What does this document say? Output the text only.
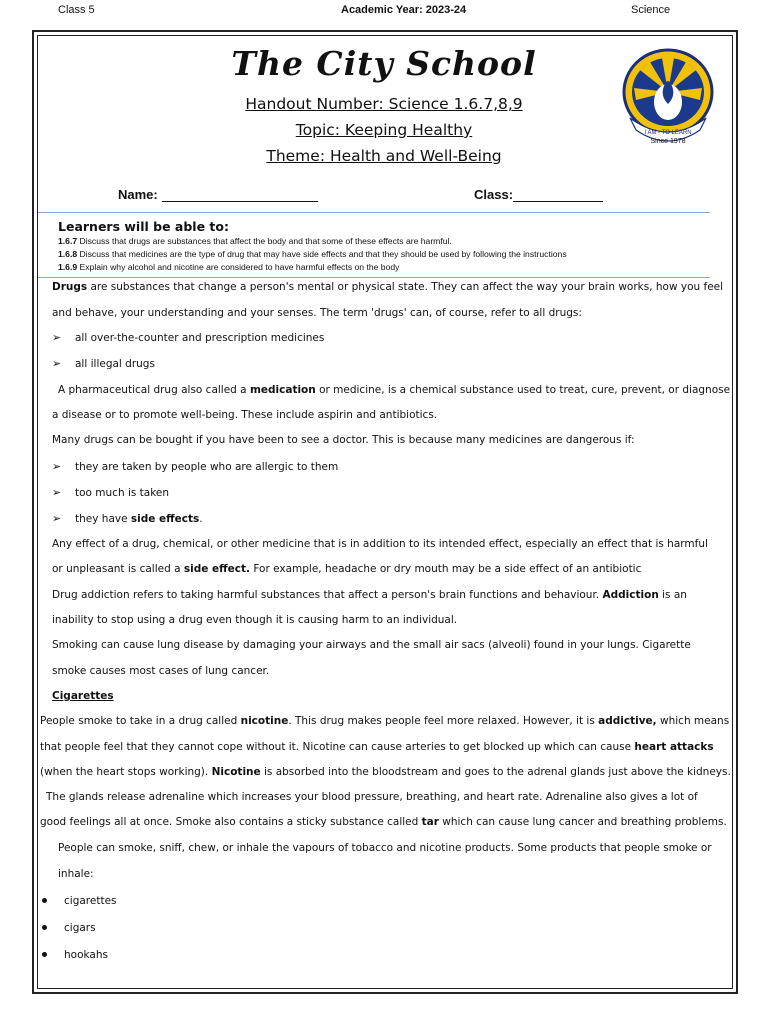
Class 5	Academic Year: 2023-24	Science
The City School
Handout Number: Science 1.6.7,8,9
Topic: Keeping Healthy
Theme: Health and Well-Being
I AM - TO LEARN
Since 1978
Name:	Class:
Learners will be able to:
1.6.7 Discuss that drugs are substances that affect the body and that some of these effects are harmful.
1.6.8 Discuss that medicines are the type of drug that may have side effects and that they should be used by following the instructions
1.6.9 Explain why alcohol and nicotine are considered to have harmful effects on the body
Drugs are substances that change a person's mental or physical state. They can affect the way your brain works, how you feel
and behave, your understanding and your senses. The term 'drugs' can, of course, refer to all drugs:
➢ all over-the-counter and prescription medicines
➢ all illegal drugs
A pharmaceutical drug also called a medication or medicine, is a chemical substance used to treat, cure, prevent, or diagnose
a disease or to promote well-being. These include aspirin and antibiotics.
Many drugs can be bought if you have been to see a doctor. This is because many medicines are dangerous if:
➢ they are taken by people who are allergic to them
➢ too much is taken
➢ they have side effects.
Any effect of a drug, chemical, or other medicine that is in addition to its intended effect, especially an effect that is harmful
or unpleasant is called a side effect. For example, headache or dry mouth may be a side effect of an antibiotic
Drug addiction refers to taking harmful substances that affect a person's brain functions and behaviour. Addiction is an
inability to stop using a drug even though it is causing harm to an individual.
Smoking can cause lung disease by damaging your airways and the small air sacs (alveoli) found in your lungs. Cigarette
smoke causes most cases of lung cancer.
Cigarettes
People smoke to take in a drug called nicotine. This drug makes people feel more relaxed. However, it is addictive, which means
that people feel that they cannot cope without it. Nicotine can cause arteries to get blocked up which can cause heart attacks
(when the heart stops working). Nicotine is absorbed into the bloodstream and goes to the adrenal glands just above the kidneys.
The glands release adrenaline which increases your blood pressure, breathing, and heart rate. Adrenaline also gives a lot of
good feelings all at once. Smoke also contains a sticky substance called tar which can cause lung cancer and breathing problems.
People can smoke, sniff, chew, or inhale the vapours of tobacco and nicotine products. Some products that people smoke or
inhale:
cigarettes
cigars
hookahs
